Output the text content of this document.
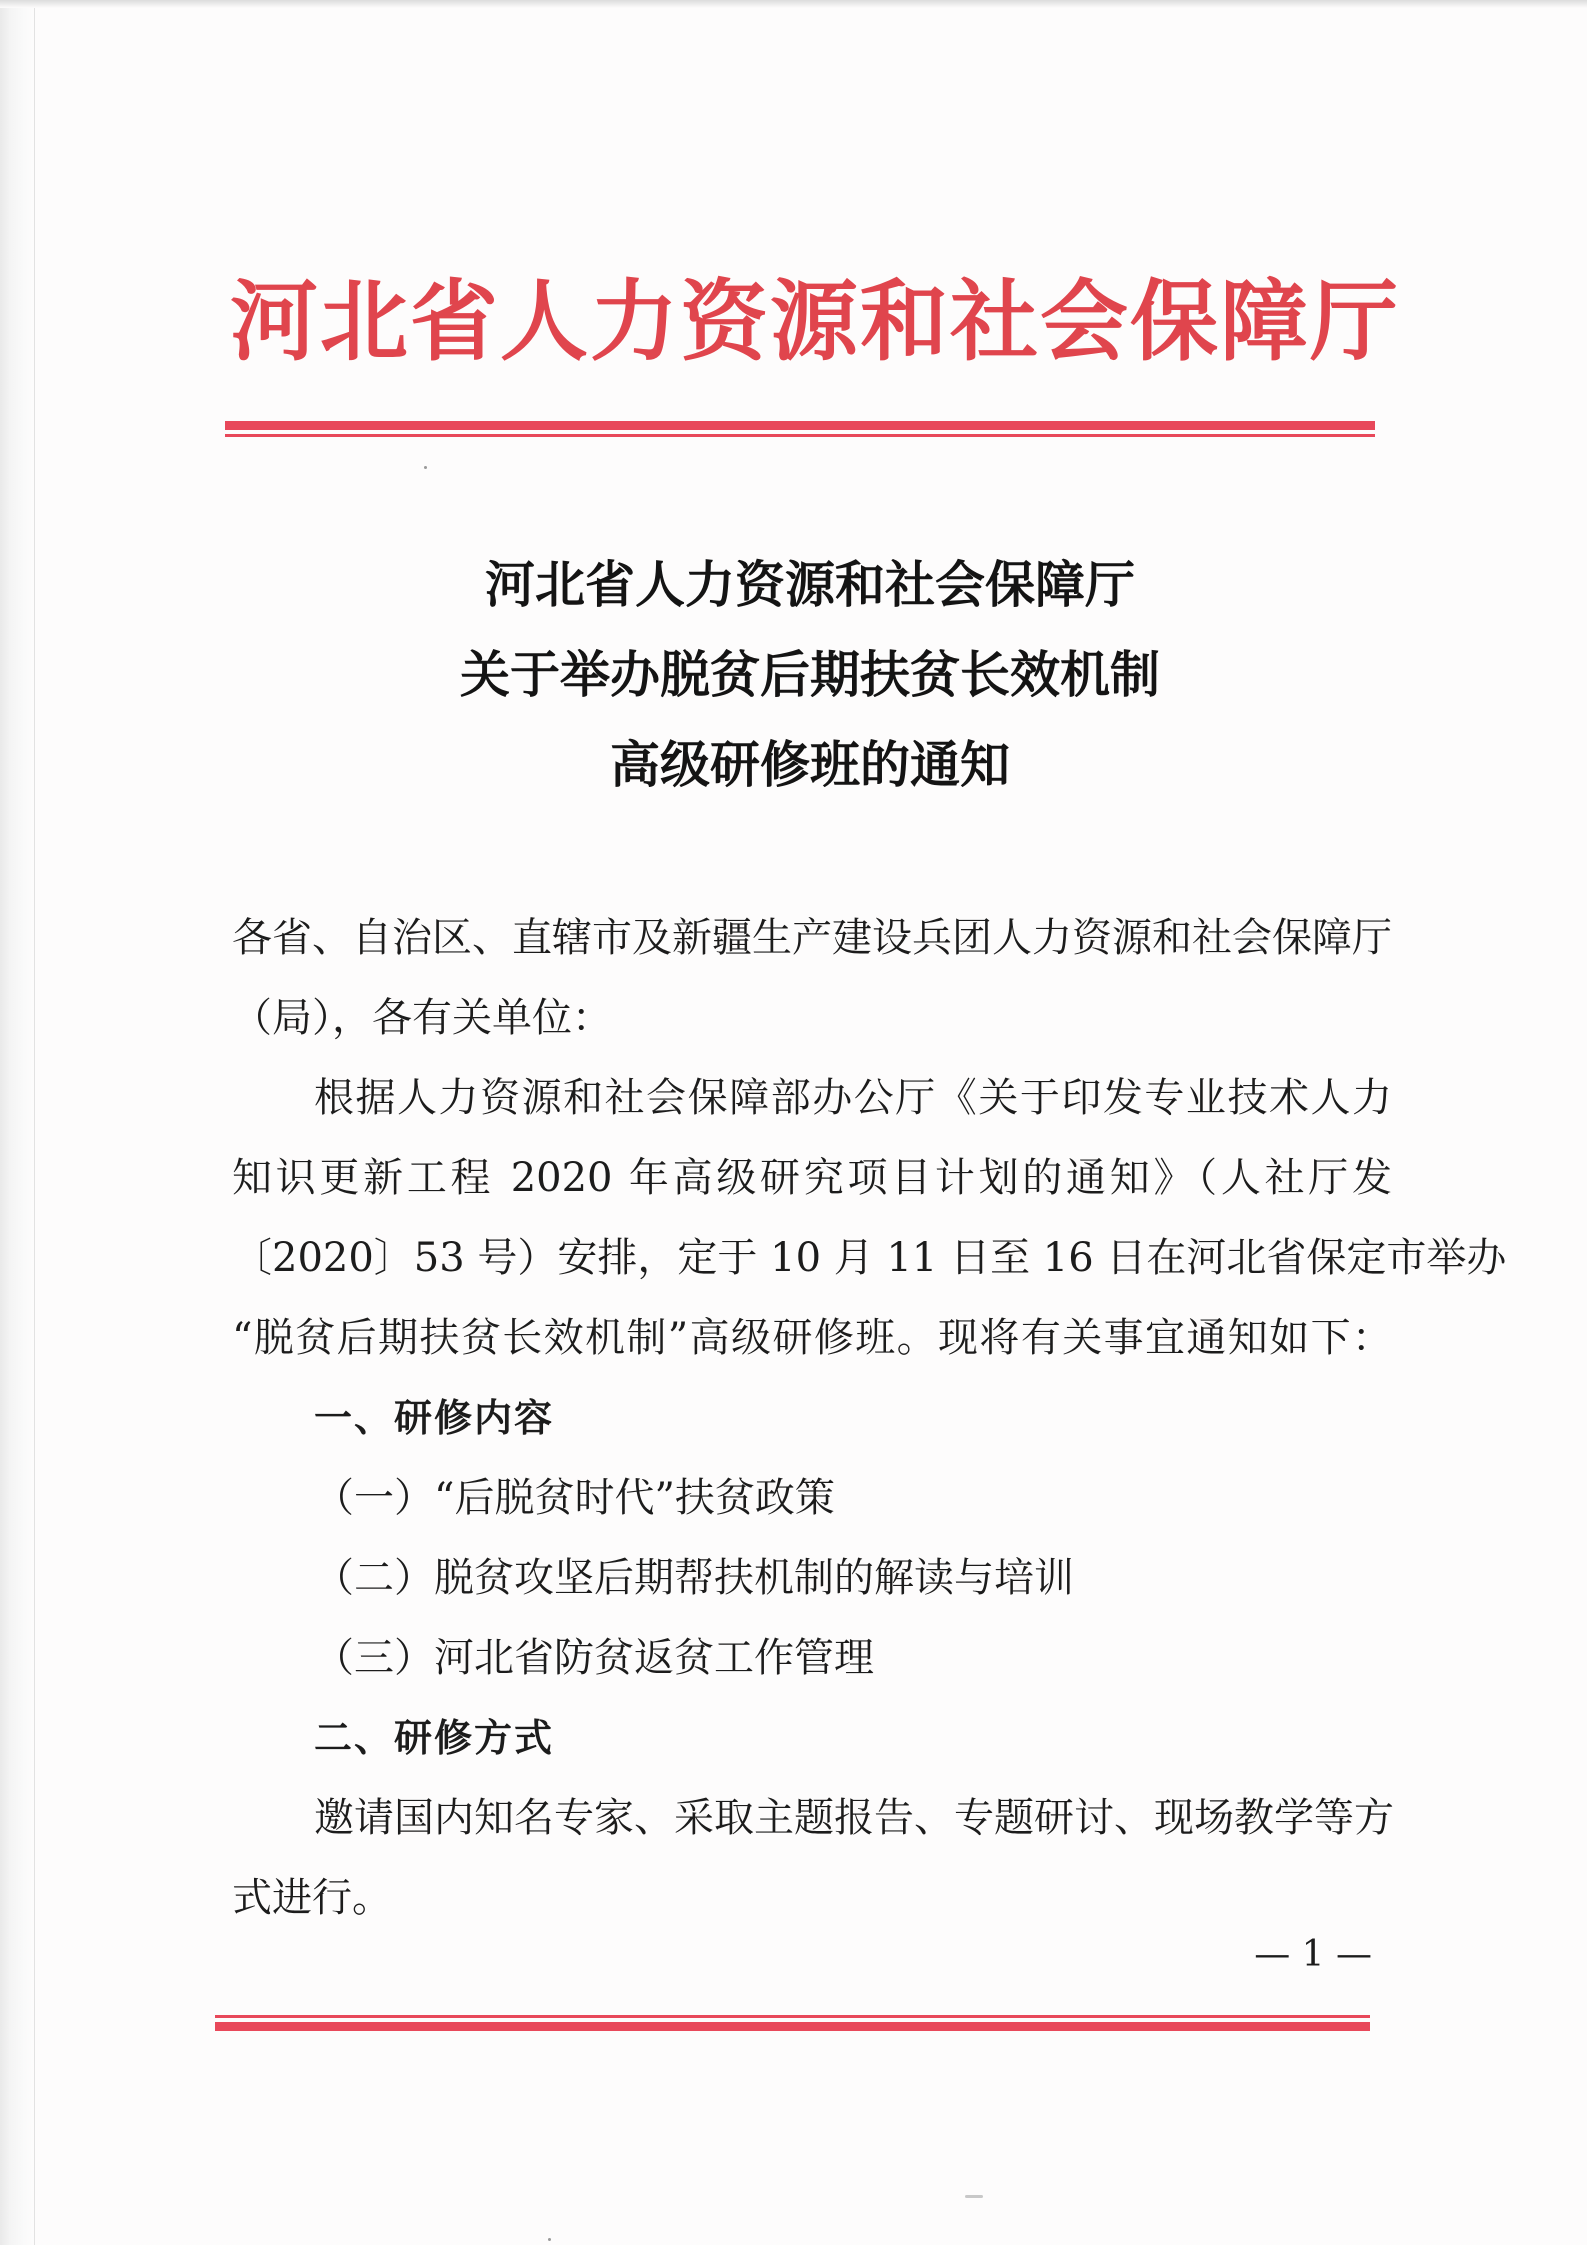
河北省人力资源和社会保障厅
河北省人力资源和社会保障厅
关于举办脱贫后期扶贫长效机制
高级研修班的通知
各省、自治区、直辖市及新疆生产建设兵团人力资源和社会保障厅
（局），各有关单位：
根据人力资源和社会保障部办公厅《关于印发专业技术人力
知识更新工程 2020 年高级研究项目计划的通知》（人社厅发
〔2020〕53 号）安排，定于 10 月 11 日至 16 日在河北省保定市举办
“脱贫后期扶贫长效机制”高级研修班。现将有关事宜通知如下：
一、研修内容
（一）“后脱贫时代”扶贫政策
（二）脱贫攻坚后期帮扶机制的解读与培训
（三）河北省防贫返贫工作管理
二、研修方式
邀请国内知名专家、采取主题报告、专题研讨、现场教学等方
式进行。
— 1 —
